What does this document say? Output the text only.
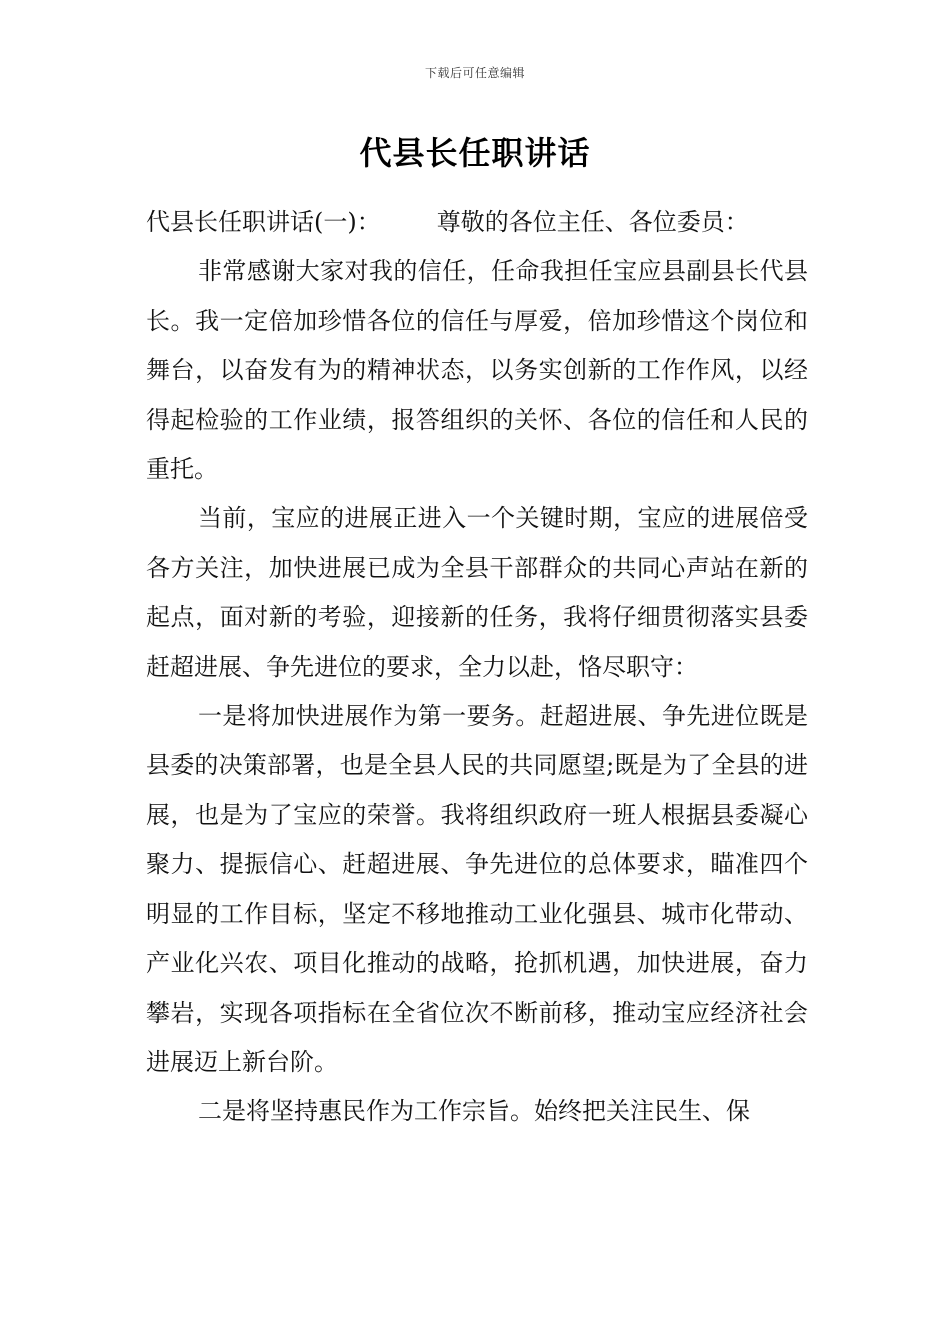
下载后可任意编辑
代县长任职讲话

代县长任职讲话(一)： 尊敬的各位主任、各位委员：

非常感谢大家对我的信任，任命我担任宝应县副县长代县长。我一定倍加珍惜各位的信任与厚爱，倍加珍惜这个岗位和舞台，以奋发有为的精神状态，以务实创新的工作作风，以经得起检验的工作业绩，报答组织的关怀、各位的信任和人民的重托。

当前，宝应的进展正进入一个关键时期，宝应的进展倍受各方关注，加快进展已成为全县干部群众的共同心声站在新的起点，面对新的考验，迎接新的任务，我将仔细贯彻落实县委赶超进展、争先进位的要求，全力以赴，恪尽职守：

一是将加快进展作为第一要务。赶超进展、争先进位既是县委的决策部署，也是全县人民的共同愿望;既是为了全县的进展，也是为了宝应的荣誉。我将组织政府一班人根据县委凝心聚力、提振信心、赶超进展、争先进位的总体要求，瞄准四个明显的工作目标，坚定不移地推动工业化强县、城市化带动、产业化兴农、项目化推动的战略，抢抓机遇，加快进展，奋力攀岩，实现各项指标在全省位次不断前移，推动宝应经济社会进展迈上新台阶。

二是将坚持惠民作为工作宗旨。始终把关注民生、保
